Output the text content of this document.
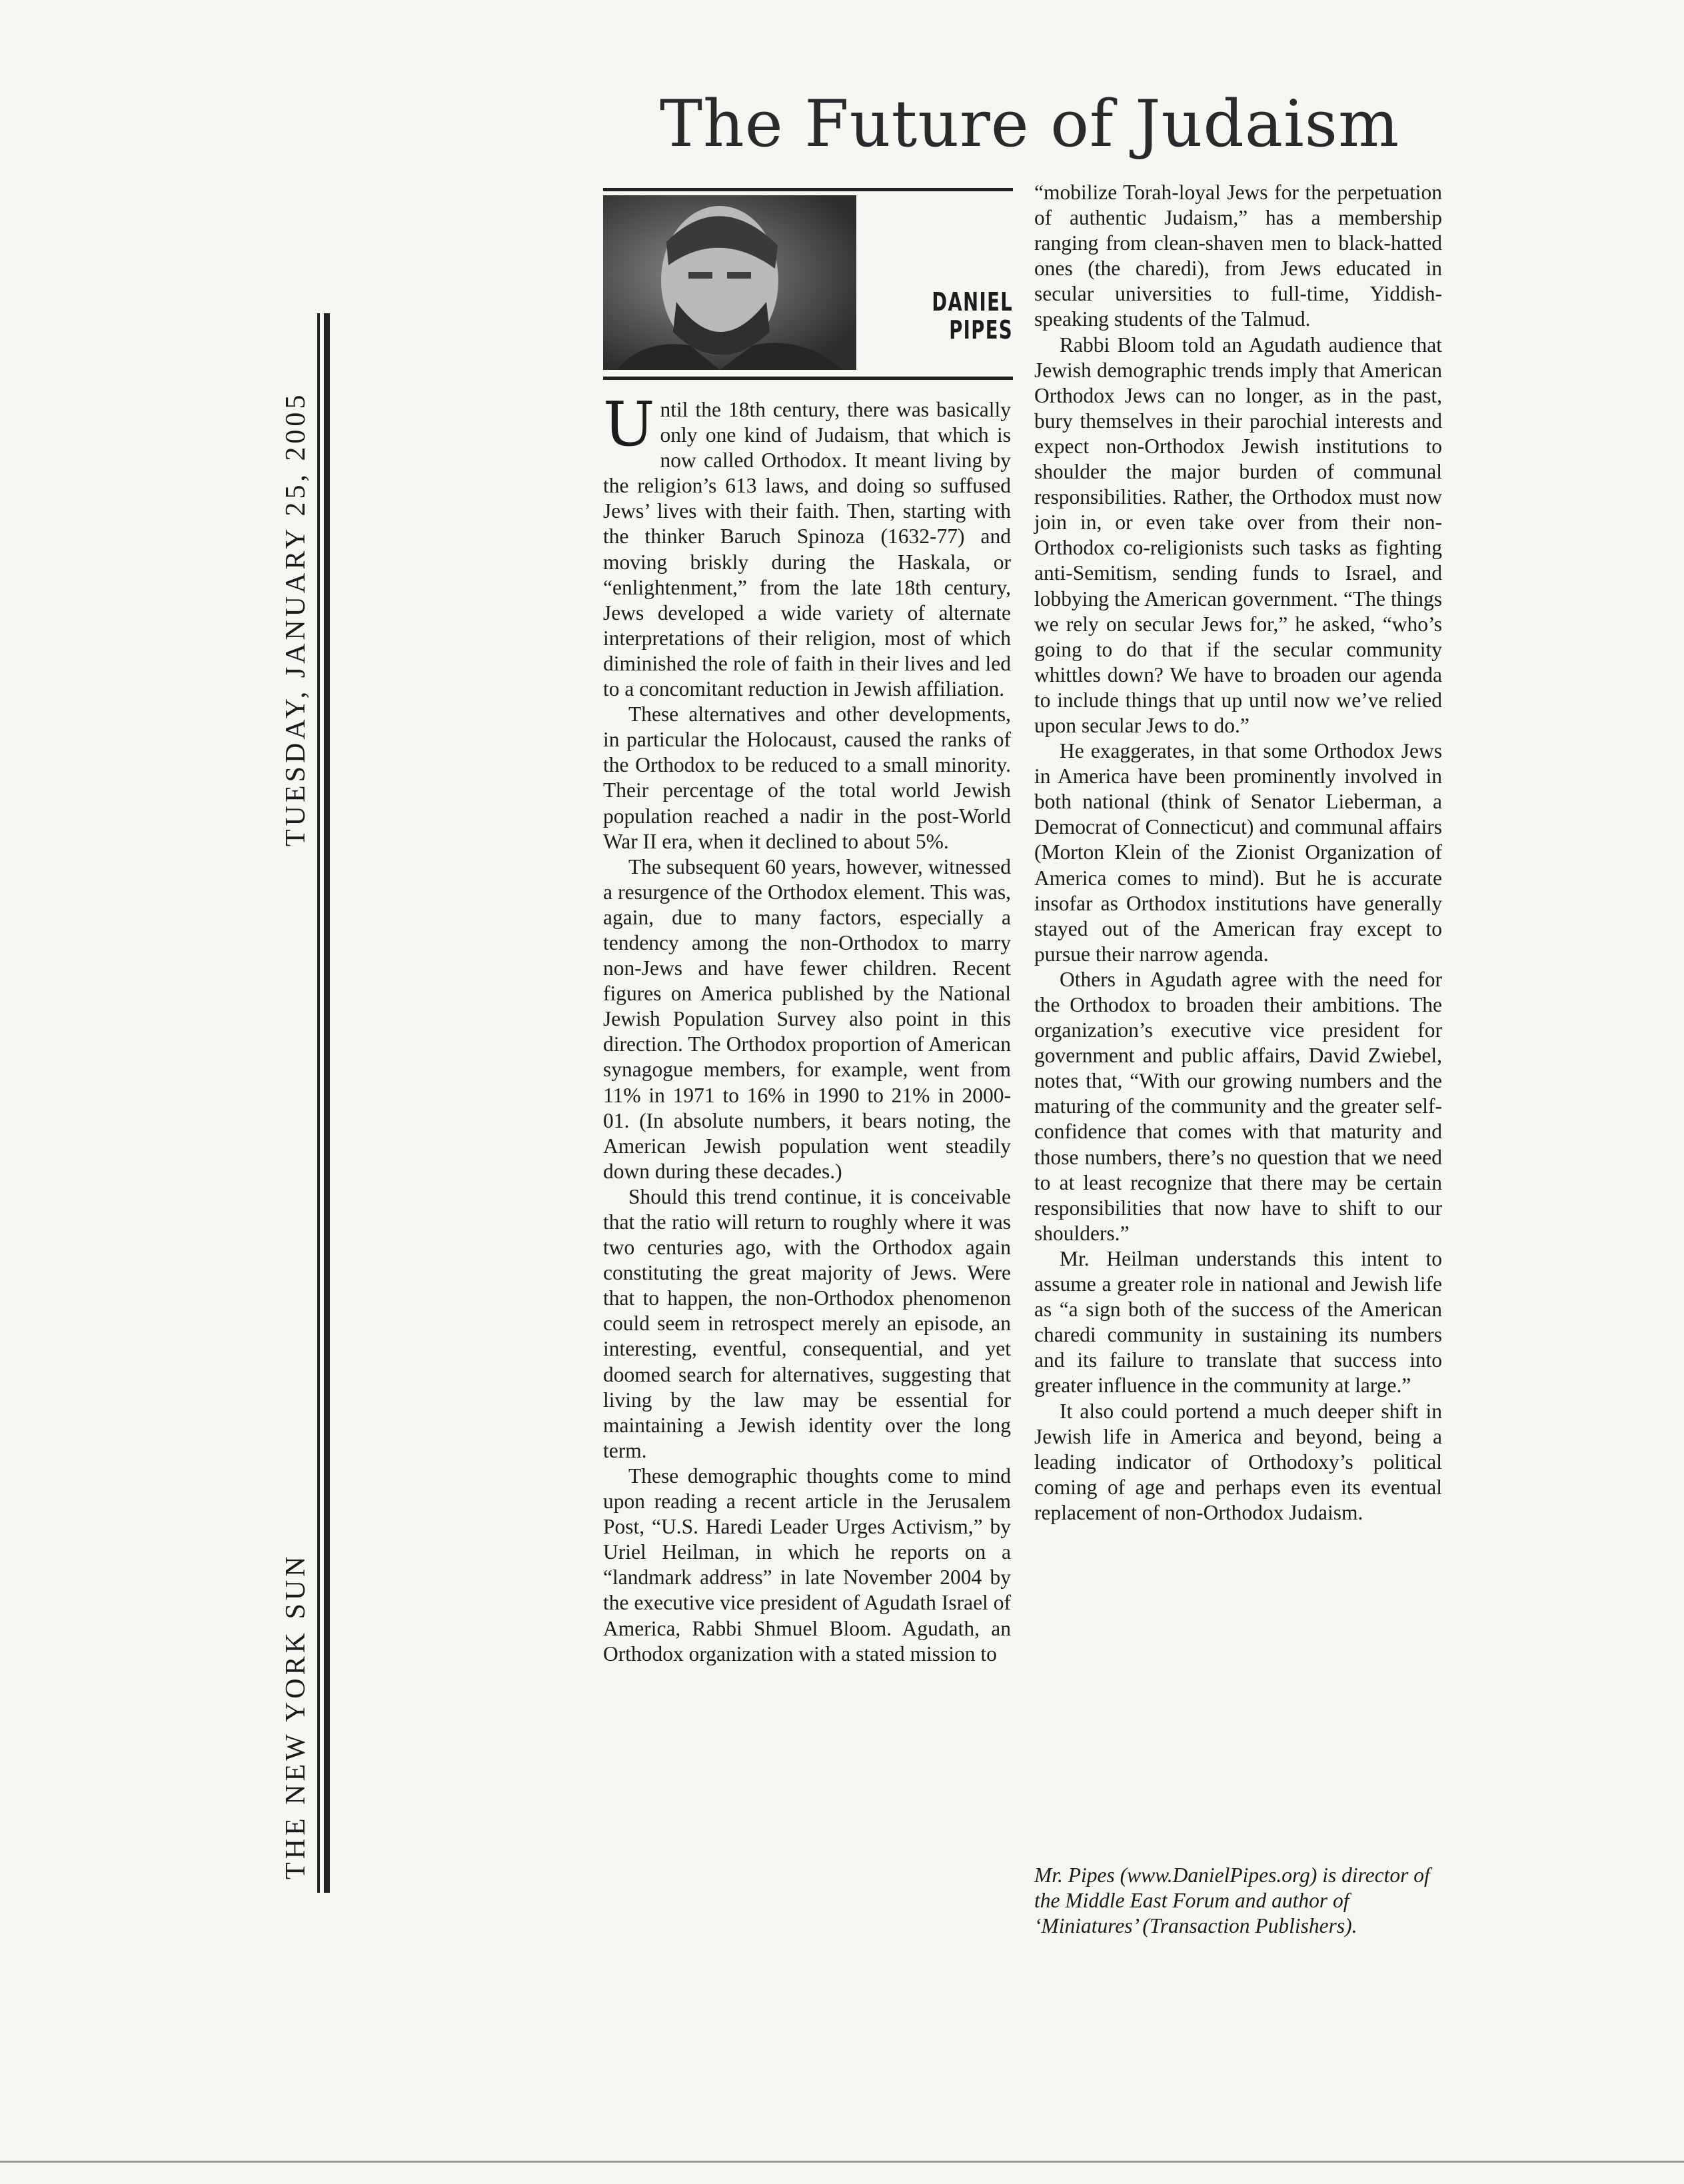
TUESDAY, JANUARY 25, 2005
THE NEW YORK SUN
The Future of Judaism
DANIEL
PIPES

Until the 18th century, there was basically only one kind of Judaism, that which is now called Orthodox. It meant living by the religion’s 613 laws, and doing so suffused Jews’ lives with their faith. Then, starting with the thinker Baruch Spinoza (1632-77) and moving briskly during the Haskala, or “enlightenment,” from the late 18th century, Jews developed a wide variety of alternate interpretations of their religion, most of which diminished the role of faith in their lives and led to a concomitant reduction in Jewish affiliation.

These alternatives and other developments, in particular the Holocaust, caused the ranks of the Orthodox to be reduced to a small minority. Their percentage of the total world Jewish population reached a nadir in the post-World War II era, when it declined to about 5%.

The subsequent 60 years, however, witnessed a resurgence of the Orthodox element. This was, again, due to many factors, especially a tendency among the non-Orthodox to marry non-Jews and have fewer children. Recent figures on America published by the National Jewish Population Survey also point in this direction. The Orthodox proportion of American synagogue members, for example, went from 11% in 1971 to 16% in 1990 to 21% in 2000-01. (In absolute numbers, it bears noting, the American Jewish population went steadily down during these decades.)

Should this trend continue, it is conceivable that the ratio will return to roughly where it was two centuries ago, with the Orthodox again constituting the great majority of Jews. Were that to happen, the non-Orthodox phenomenon could seem in retrospect merely an episode, an interesting, eventful, consequential, and yet doomed search for alternatives, suggesting that living by the law may be essential for maintaining a Jewish identity over the long term.

These demographic thoughts come to mind upon reading a recent article in the Jerusalem Post, “U.S. Haredi Leader Urges Activism,” by Uriel Heilman, in which he reports on a “landmark address” in late November 2004 by the executive vice president of Agudath Israel of America, Rabbi Shmuel Bloom. Agudath, an Orthodox organization with a stated mission to

“mobilize Torah-loyal Jews for the perpetuation of authentic Judaism,” has a membership ranging from clean-shaven men to black-hatted ones (the charedi), from Jews educated in secular universities to full-time, Yiddish-speaking students of the Talmud.

Rabbi Bloom told an Agudath audience that Jewish demographic trends imply that American Orthodox Jews can no longer, as in the past, bury themselves in their parochial interests and expect non-Orthodox Jewish institutions to shoulder the major burden of communal responsibilities. Rather, the Orthodox must now join in, or even take over from their non-Orthodox co-religionists such tasks as fighting anti-Semitism, sending funds to Israel, and lobbying the American government. “The things we rely on secular Jews for,” he asked, “who’s going to do that if the secular community whittles down? We have to broaden our agenda to include things that up until now we’ve relied upon secular Jews to do.”

He exaggerates, in that some Orthodox Jews in America have been prominently involved in both national (think of Senator Lieberman, a Democrat of Connecticut) and communal affairs (Morton Klein of the Zionist Organization of America comes to mind). But he is accurate insofar as Orthodox institutions have generally stayed out of the American fray except to pursue their narrow agenda.

Others in Agudath agree with the need for the Orthodox to broaden their ambitions. The organization’s executive vice president for government and public affairs, David Zwiebel, notes that, “With our growing numbers and the maturing of the community and the greater self-confidence that comes with that maturity and those numbers, there’s no question that we need to at least recognize that there may be certain responsibilities that now have to shift to our shoulders.”

Mr. Heilman understands this intent to assume a greater role in national and Jewish life as “a sign both of the success of the American charedi community in sustaining its numbers and its failure to translate that success into greater influence in the community at large.”

It also could portend a much deeper shift in Jewish life in America and beyond, being a leading indicator of Orthodoxy’s political coming of age and perhaps even its eventual replacement of non-Orthodox Judaism.

Mr. Pipes (www.DanielPipes.org) is director of the Middle East Forum and author of ‘Miniatures’ (Transaction Publishers).
